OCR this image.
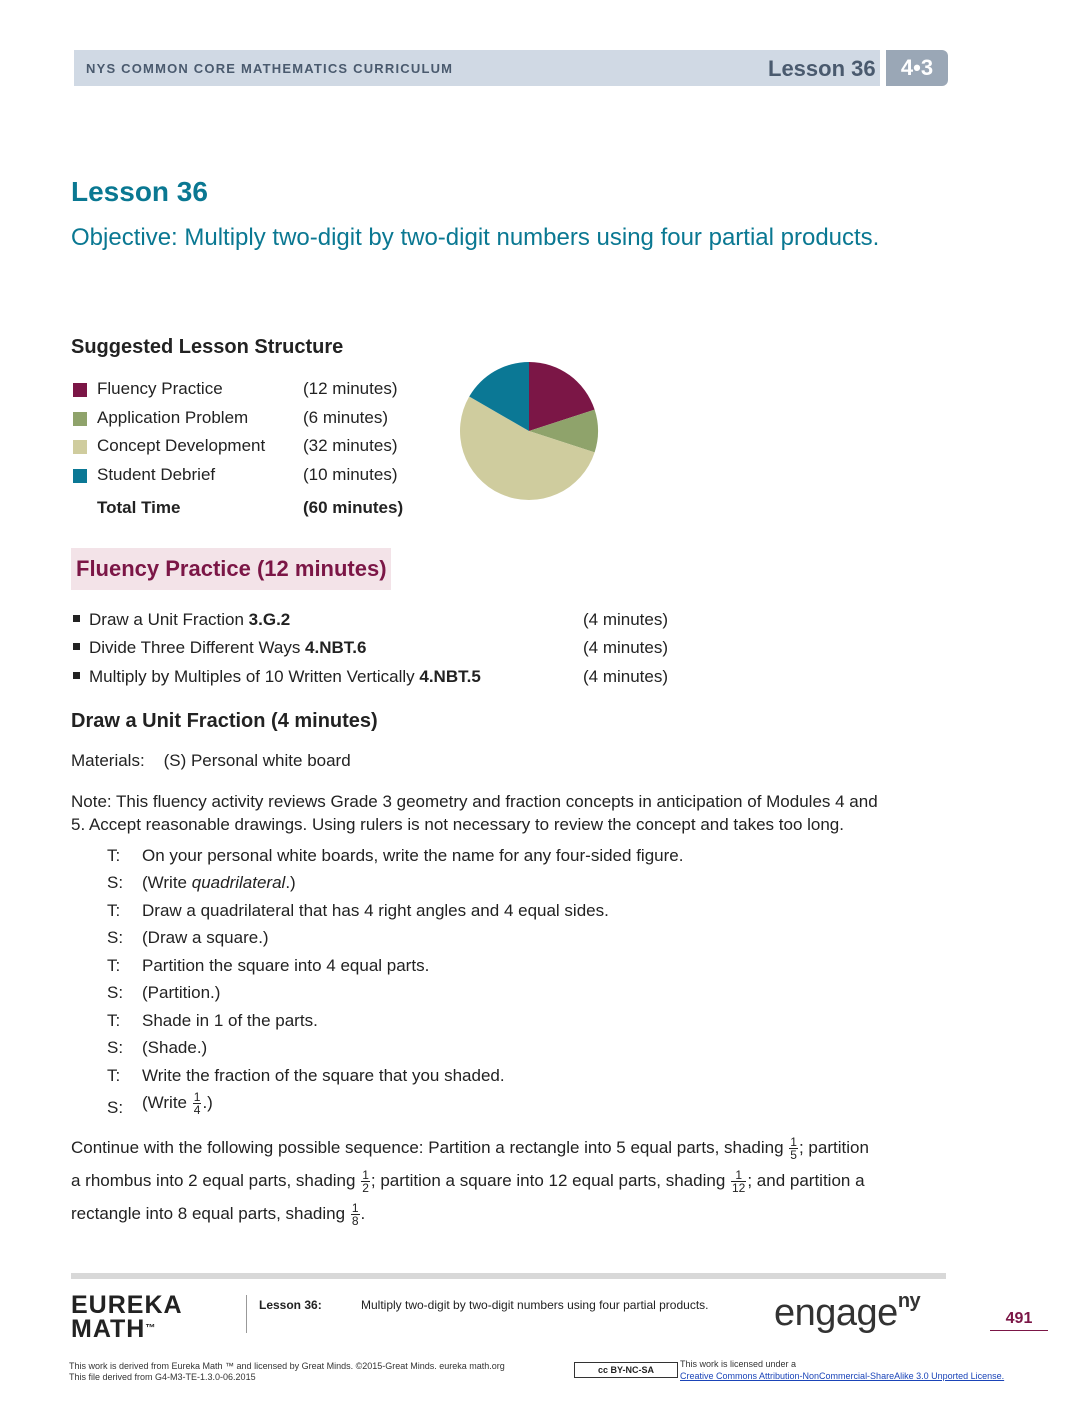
NYS COMMON CORE MATHEMATICS CURRICULUM	Lesson 36	4•3
Lesson 36
Objective: Multiply two-digit by two-digit numbers using four partial products.
Suggested Lesson Structure
Fluency Practice	(12 minutes)
Application Problem	(6 minutes)
Concept Development (32 minutes)
Student Debrief	(10 minutes)
Total Time	(60 minutes)
Fluency Practice (12 minutes)
Draw a Unit Fraction 3.G.2	(4 minutes)
Divide Three Different Ways 4.NBT.6	(4 minutes)
Multiply by Multiples of 10 Written Vertically 4.NBT.5	(4 minutes)
Draw a Unit Fraction (4 minutes)
Materials:    (S) Personal white board
Note: This fluency activity reviews Grade 3 geometry and fraction concepts in anticipation of Modules 4 and
5. Accept reasonable drawings. Using rulers is not necessary to review the concept and takes too long.
T: On your personal white boards, write the name for any four-sided figure.
S: (Write quadrilateral.)
T: Draw a quadrilateral that has 4 right angles and 4 equal sides.
S: (Draw a square.)
T: Partition the square into 4 equal parts.
S: (Partition.)
T: Shade in 1 of the parts.
S: (Shade.)
T: Write the fraction of the square that you shaded.
S: (Write $\frac{1}{4}$ .)
Continue with the following possible sequence: Partition a rectangle into 5 equal parts, shading $\frac{1}{5}$ ; partition
a rhombus into 2 equal parts, shading $\frac{1}{2}$ ; partition a square into 12 equal parts, shading $\frac{1}{12}$ ; and partition a
rectangle into 8 equal parts, shading $\frac{1}{8}$ .
EUREKA
MATH™
Lesson 36:	Multiply two-digit by two-digit numbers using four partial products. engage$^{ny}$
491
This work is derived from Eureka Math ™ and licensed by Great Minds. ©2015-Great Minds. eureka math.org
This file derived from G4-M3-TE-1.3.0-06.2015
cc BY-NC-SA
This work is licensed under a
Creative Commons Attribution-NonCommercial-ShareAlike 3.0 Unported License.
